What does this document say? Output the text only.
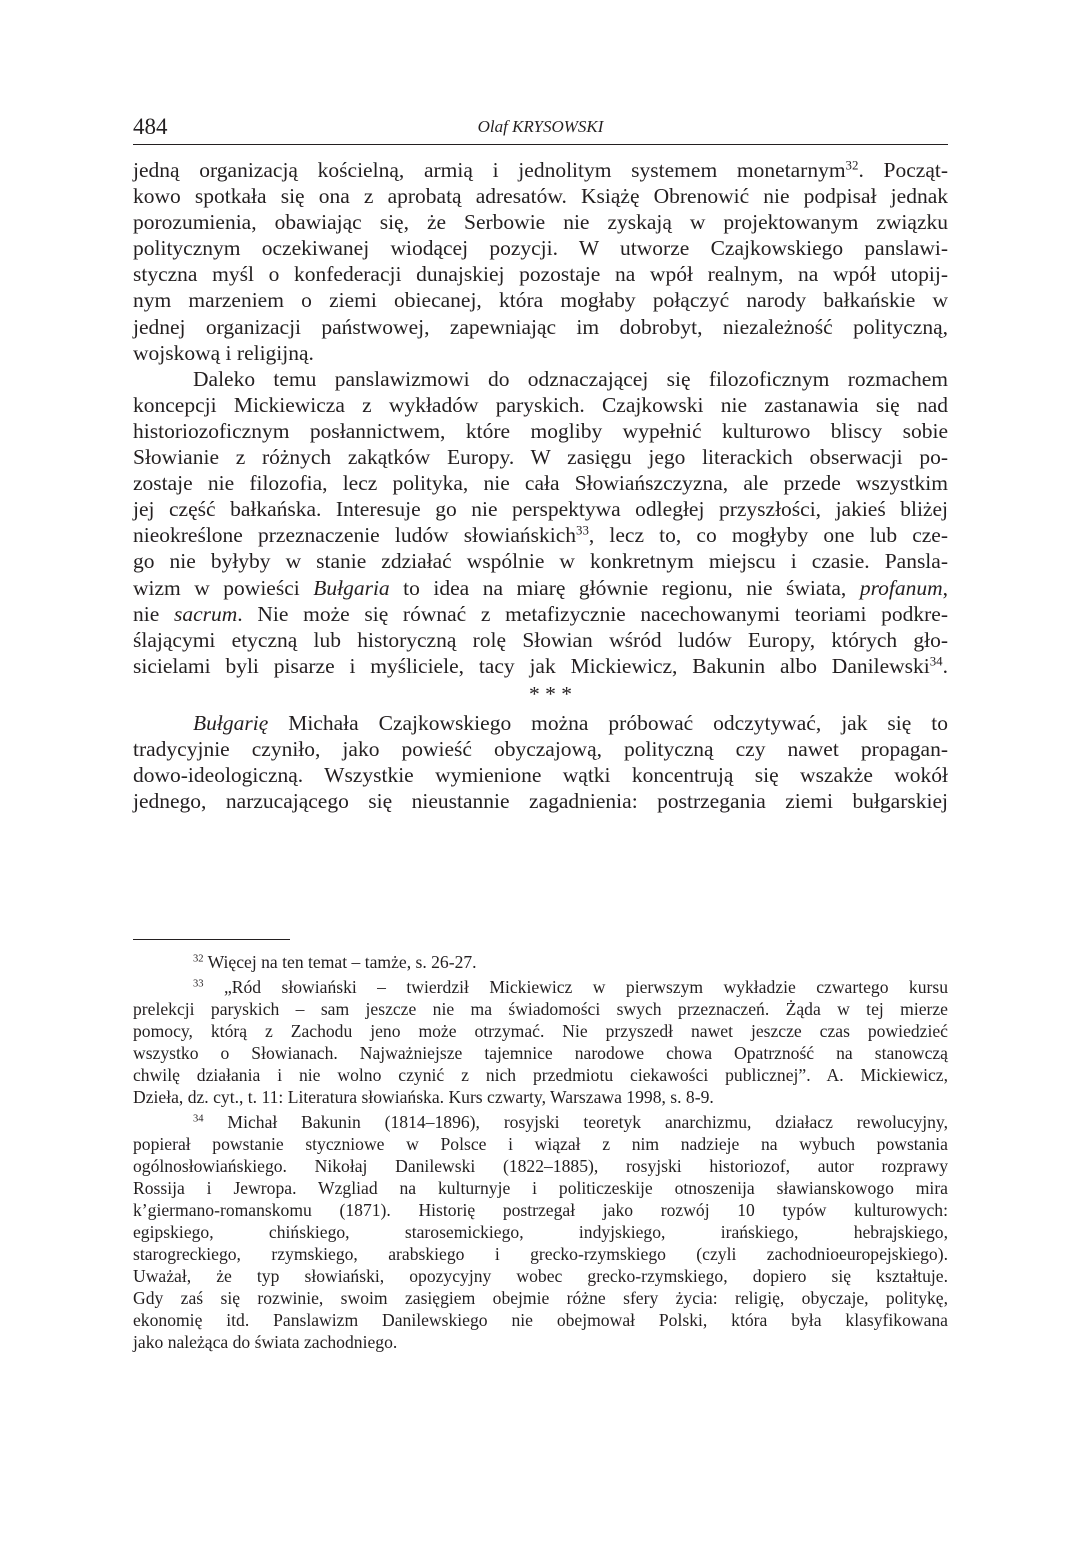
484	Olaf KRYSOWSKI
jedną organizacją kościelną, armią i jednolitym systemem monetarnym$^{32}$. Począt-
kowo spotkała się ona z aprobatą adresatów. Książę Obrenowić nie podpisał jednak
porozumienia, obawiając się, że Serbowie nie zyskają w projektowanym związku
politycznym oczekiwanej wiodącej pozycji. W utworze Czajkowskiego panslawi-
styczna myśl o konfederacji dunajskiej pozostaje na wpół realnym, na wpół utopij-
nym marzeniem o ziemi obiecanej, która mogłaby połączyć narody bałkańskie w
jednej organizacji państwowej, zapewniając im dobrobyt, niezależność polityczną,
wojskową i religijną.
Daleko temu panslawizmowi do odznaczającej się filozoficznym rozmachem
koncepcji Mickiewicza z wykładów paryskich. Czajkowski nie zastanawia się nad
historiozoficznym posłannictwem, które mogliby wypełnić kulturowo bliscy sobie
Słowianie z różnych zakątków Europy. W zasięgu jego literackich obserwacji po-
zostaje nie filozofia, lecz polityka, nie cała Słowiańszczyzna, ale przede wszystkim
jej część bałkańska. Interesuje go nie perspektywa odległej przyszłości, jakieś bliżej
nieokreślone przeznaczenie ludów słowiańskich$^{33}$, lecz to, co mogłyby one lub cze-
go nie byłyby w stanie zdziałać wspólnie w konkretnym miejscu i czasie. Pansla-
wizm w powieści Bułgaria to idea na miarę głównie regionu, nie świata, profanum,
nie sacrum. Nie może się równać z metafizycznie nacechowanymi teoriami podkre-
ślającymi etyczną lub historyczną rolę Słowian wśród ludów Europy, których gło-
sicielami byli pisarze i myśliciele, tacy jak Mickiewicz, Bakunin albo Danilewski$^{34}$.
* * *
Bułgarię Michała Czajkowskiego można próbować odczytywać, jak się to
tradycyjnie czyniło, jako powieść obyczajową, polityczną czy nawet propagan-
dowo-ideologiczną. Wszystkie wymienione wątki koncentrują się wszakże wokół
jednego, narzucającego się nieustannie zagadnienia: postrzegania ziemi bułgarskiej
$^{32}$ Więcej na ten temat – tamże, s. 26-27.
$^{33}$ „Ród słowiański – twierdził Mickiewicz w pierwszym wykładzie czwartego kursu
prelekcji paryskich – sam jeszcze nie ma świadomości swych przeznaczeń. Żąda w tej mierze
pomocy, którą z Zachodu jeno może otrzymać. Nie przyszedł nawet jeszcze czas powiedzieć
wszystko o Słowianach. Najważniejsze tajemnice narodowe chowa Opatrzność na stanowczą
chwilę działania i nie wolno czynić z nich przedmiotu ciekawości publicznej”. A. Mickiewicz,
Dzieła, dz. cyt., t. 11: Literatura słowiańska. Kurs czwarty, Warszawa 1998, s. 8-9.
$^{34}$ Michał Bakunin (1814–1896), rosyjski teoretyk anarchizmu, działacz rewolucyjny,
popierał powstanie styczniowe w Polsce i wiązał z nim nadzieje na wybuch powstania
ogólnosłowiańskiego. Nikołaj Danilewski (1822–1885), rosyjski historiozof, autor rozprawy
Rossija i Jewropa. Wzgliad na kulturnyje i politiczeskije otnoszenija sławianskowogo mira
k’giermano-romanskomu (1871). Historię postrzegał jako rozwój 10 typów kulturowych:
egipskiego, chińskiego, starosemickiego, indyjskiego, irańskiego, hebrajskiego,
starogreckiego, rzymskiego, arabskiego i grecko-rzymskiego (czyli zachodnioeuropejskiego).
Uważał, że typ słowiański, opozycyjny wobec grecko-rzymskiego, dopiero się kształtuje.
Gdy zaś się rozwinie, swoim zasięgiem obejmie różne sfery życia: religię, obyczaje, politykę,
ekonomię itd. Panslawizm Danilewskiego nie obejmował Polski, która była klasyfikowana
jako należąca do świata zachodniego.
